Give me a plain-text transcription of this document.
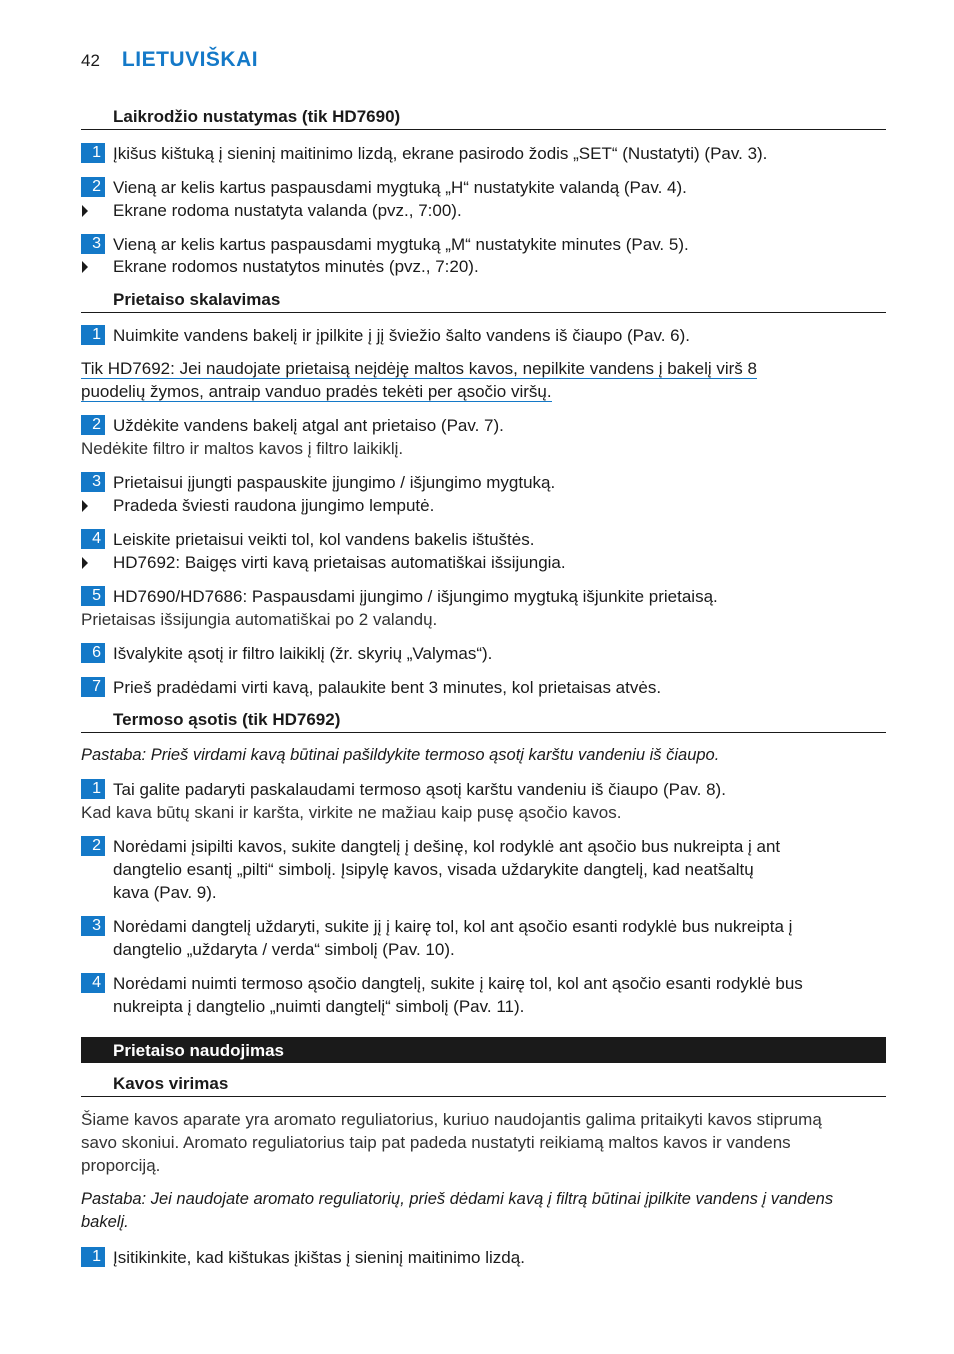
42 LIETUVIŠKAI
Laikrodžio nustatymas (tik HD7690)
1 Įkišus kištuką į sieninį maitinimo lizdą, ekrane pasirodo žodis „SET“ (Nustatyti) (Pav. 3).
2 Vieną ar kelis kartus paspausdami mygtuką „H“ nustatykite valandą (Pav. 4).
Ekrane rodoma nustatyta valanda (pvz., 7:00).
3 Vieną ar kelis kartus paspausdami mygtuką „M“ nustatykite minutes (Pav. 5).
Ekrane rodomos nustatytos minutės (pvz., 7:20).
Prietaiso skalavimas
1 Nuimkite vandens bakelį ir įpilkite į jį šviežio šalto vandens iš čiaupo (Pav. 6).
Tik HD7692: Jei naudojate prietaisą neįdėję maltos kavos, nepilkite vandens į bakelį virš 8
puodelių žymos, antraip vanduo pradės tekėti per ąsočio viršų.
2 Uždėkite vandens bakelį atgal ant prietaiso (Pav. 7).
Nedėkite filtro ir maltos kavos į filtro laikiklį.
3 Prietaisui įjungti paspauskite įjungimo / išjungimo mygtuką.
Pradeda šviesti raudona įjungimo lemputė.
4 Leiskite prietaisui veikti tol, kol vandens bakelis ištuštės.
HD7692: Baigęs virti kavą prietaisas automatiškai išsijungia.
5 HD7690/HD7686: Paspausdami įjungimo / išjungimo mygtuką išjunkite prietaisą.
Prietaisas išsijungia automatiškai po 2 valandų.
6 Išvalykite ąsotį ir filtro laikiklį (žr. skyrių „Valymas“).
7 Prieš pradėdami virti kavą, palaukite bent 3 minutes, kol prietaisas atvės.
Termoso ąsotis (tik HD7692)
Pastaba: Prieš virdami kavą būtinai pašildykite termoso ąsotį karštu vandeniu iš čiaupo.
1 Tai galite padaryti paskalaudami termoso ąsotį karštu vandeniu iš čiaupo (Pav. 8).
Kad kava būtų skani ir karšta, virkite ne mažiau kaip pusę ąsočio kavos.
2 Norėdami įsipilti kavos, sukite dangtelį į dešinę, kol rodyklė ant ąsočio bus nukreipta į ant
dangtelio esantį „pilti“ simbolį. Įsipylę kavos, visada uždarykite dangtelį, kad neatšaltų
kava (Pav. 9).
3 Norėdami dangtelį uždaryti, sukite jį į kairę tol, kol ant ąsočio esanti rodyklė bus nukreipta į
dangtelio „uždaryta / verda“ simbolį (Pav. 10).
4 Norėdami nuimti termoso ąsočio dangtelį, sukite į kairę tol, kol ant ąsočio esanti rodyklė bus
nukreipta į dangtelio „nuimti dangtelį“ simbolį (Pav. 11).
Prietaiso naudojimas
Kavos virimas
Šiame kavos aparate yra aromato reguliatorius, kuriuo naudojantis galima pritaikyti kavos stiprumą
savo skoniui. Aromato reguliatorius taip pat padeda nustatyti reikiamą maltos kavos ir vandens
proporciją.
Pastaba: Jei naudojate aromato reguliatorių, prieš dėdami kavą į filtrą būtinai įpilkite vandens į vandens
bakelį.
1 Įsitikinkite, kad kištukas įkištas į sieninį maitinimo lizdą.
